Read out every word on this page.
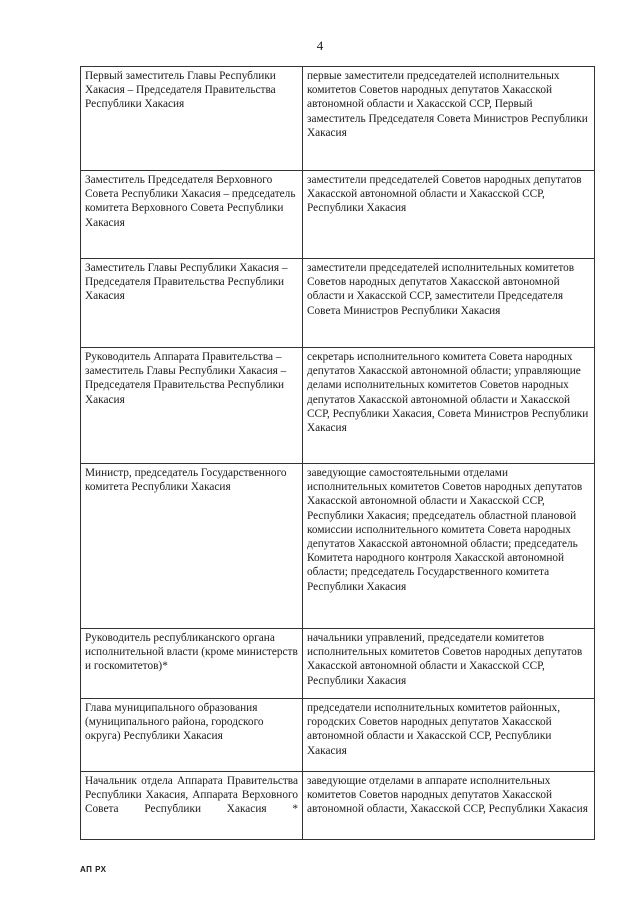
4
Первый заместитель Главы Республики Хакасия – Председателя Правительства Республики Хакасия	первые заместители председателей исполнительных комитетов Советов народных депутатов Хакасской автономной области и Хакасской ССР, Первый заместитель Председателя Совета Министров Республики Хакасия
Заместитель Председателя Верховного Совета Республики Хакасия – председатель комитета Верховного Совета Республики Хакасия	заместители председателей Советов народных депутатов Хакасской автономной области и Хакасской ССР, Республики Хакасия
Заместитель Главы Республики Хакасия – Председателя Правительства Республики Хакасия	заместители председателей исполнительных комитетов Советов народных депутатов Хакасской автономной области и Хакасской ССР, заместители Председателя Совета Министров Республики Хакасия
Руководитель Аппарата Правительства – заместитель Главы Республики Хакасия – Председателя Правительства Республики Хакасия	секретарь исполнительного комитета Совета народных депутатов Хакасской автономной области; управляющие делами исполнительных комитетов Советов народных депутатов Хакасской автономной области и Хакасской ССР, Республики Хакасия, Совета Министров Республики Хакасия
Министр, председатель Государственного комитета Республики Хакасия	заведующие самостоятельными отделами исполнительных комитетов Советов народных депутатов Хакасской автономной области и Хакасской ССР, Республики Хакасия; председатель областной плановой комиссии исполнительного комитета Совета народных депутатов Хакасской автономной области; председатель Комитета народного контроля Хакасской автономной области; председатель Государственного комитета Республики Хакасия
Руководитель республиканского органа исполнительной власти (кроме министерств и госкомитетов)*	начальники управлений, председатели комитетов исполнительных комитетов Советов народных депутатов Хакасской автономной области и Хакасской ССР, Республики Хакасия
Глава муниципального образования (муниципального района, городского округа) Республики Хакасия	председатели исполнительных комитетов районных, городских Советов народных депутатов Хакасской автономной области и Хакасской ССР, Республики Хакасия
Начальник отдела Аппарата Правительства Республики Хакасия, Аппарата Верховного Совета Республики Хакасия *	заведующие отделами в аппарате исполнительных комитетов Советов народных депутатов Хакасской автономной области, Хакасской ССР, Республики Хакасия
АП РХ
